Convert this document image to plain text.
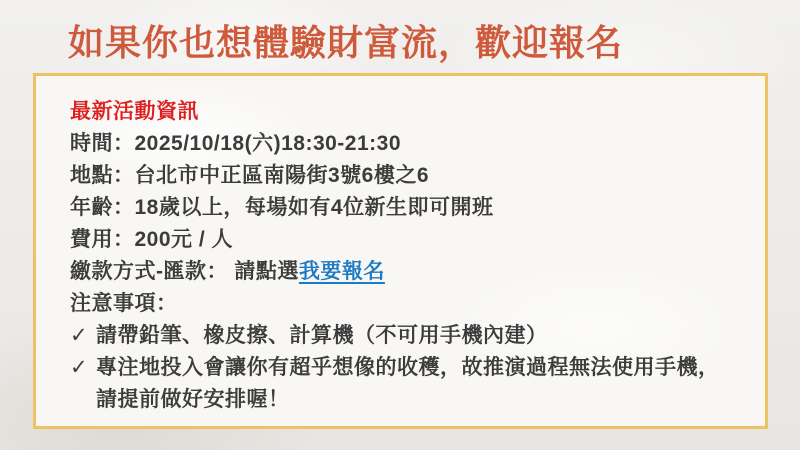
如果你也想體驗財富流，歡迎報名
最新活動資訊
時間：2025/10/18(六)18:30-21:30
地點：台北市中正區南陽街3號6樓之6
年齡：18歲以上，每場如有4位新生即可開班
費用：200元 / 人
繳款方式-匯款： 請點選我要報名
注意事項：
✓ 請帶鉛筆、橡皮擦、計算機（不可用手機內建）
✓ 專注地投入會讓你有超乎想像的收穫，故推演過程無法使用手機，
請提前做好安排喔！
